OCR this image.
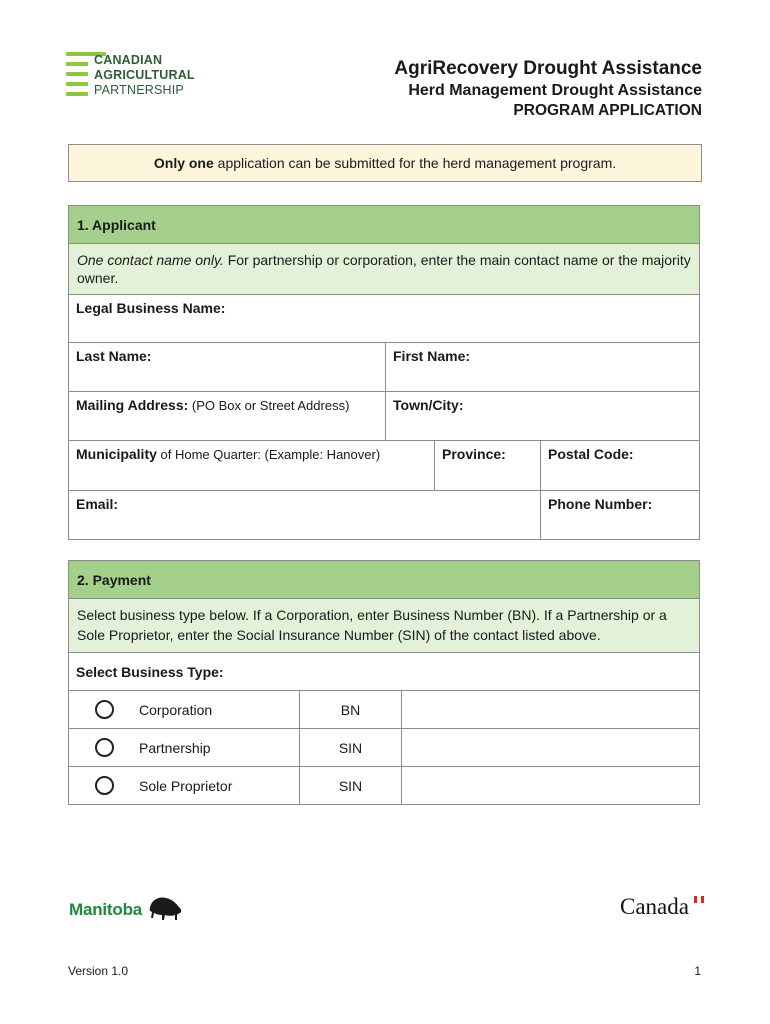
CANADIAN
AGRICULTURAL
PARTNERSHIP
AgriRecovery Drought Assistance
Herd Management Drought Assistance
PROGRAM APPLICATION
Only one application can be submitted for the herd management program.
1. Applicant
One contact name only. For partnership or corporation, enter the main contact name or the majority owner.
Legal Business Name:
Last Name:	First Name:
Mailing Address: (PO Box or Street Address)	Town/City:
Municipality of Home Quarter: (Example: Hanover)	Province:	Postal Code:
Email:	Phone Number:
2. Payment
Select business type below. If a Corporation, enter Business Number (BN). If a Partnership or a Sole Proprietor, enter the Social Insurance Number (SIN) of the contact listed above.
Select Business Type:
Corporation	BN
Partnership	SIN
Sole Proprietor	SIN
Manitoba	Canada
Version 1.0	1
